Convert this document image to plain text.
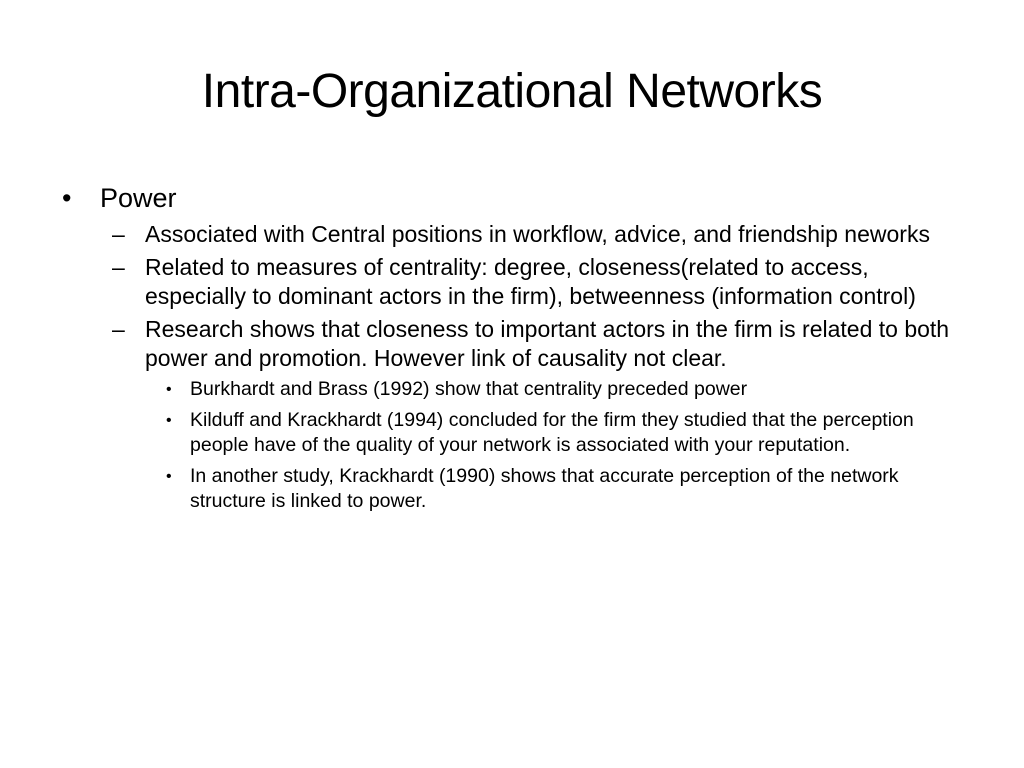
Intra-Organizational Networks
• Power
– Associated with Central positions in workflow, advice, and friendship neworks
– Related to measures of centrality: degree, closeness(related to access, especially to dominant actors in the firm), betweenness (information control)
– Research shows that closeness to important actors in the firm is related to both power and promotion. However link of causality not clear.
• Burkhardt and Brass (1992) show that centrality preceded power
• Kilduff and Krackhardt (1994) concluded for the firm they studied that the perception people have of the quality of your network is associated with your reputation.
• In another study, Krackhardt (1990) shows that accurate perception of the network structure is linked to power.
